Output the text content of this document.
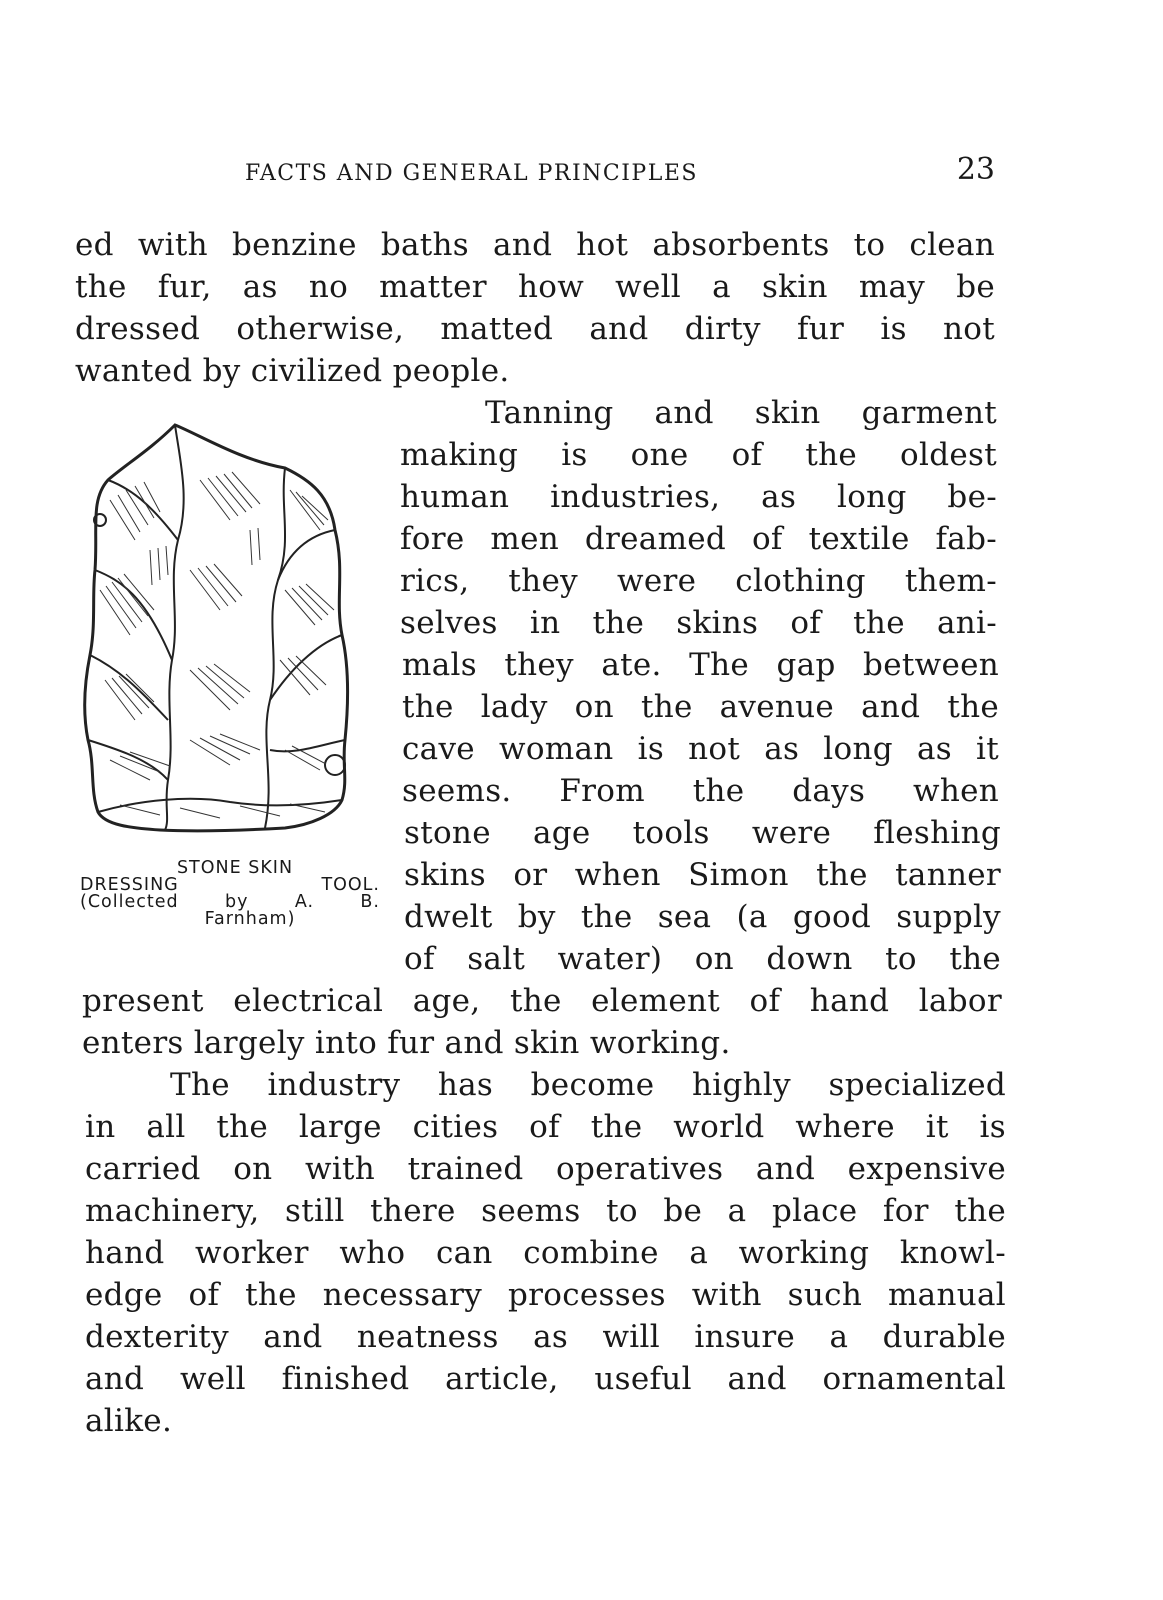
FACTS AND GENERAL PRINCIPLES	23
ed with benzine baths and hot absorbents to clean
the fur, as no matter how well a skin may be
dressed otherwise, matted and dirty fur is not
wanted by civilized people.
STONE SKIN
DRESSING TOOL.
(Collected by A. B.
Farnham)
Tanning and skin garment
making is one of the oldest
human industries, as long be-
fore men dreamed of textile fab-
rics, they were clothing them-
selves in the skins of the ani-
mals they ate. The gap between
the lady on the avenue and the
cave woman is not as long as it
seems. From the days when
stone age tools were fleshing
skins or when Simon the tanner
dwelt by the sea (a good supply
of salt water) on down to the
present electrical age, the element of hand labor
enters largely into fur and skin working.
The industry has become highly specialized
in all the large cities of the world where it is
carried on with trained operatives and expensive
machinery, still there seems to be a place for the
hand worker who can combine a working knowl-
edge of the necessary processes with such manual
dexterity and neatness as will insure a durable
and well finished article, useful and ornamental
alike.
